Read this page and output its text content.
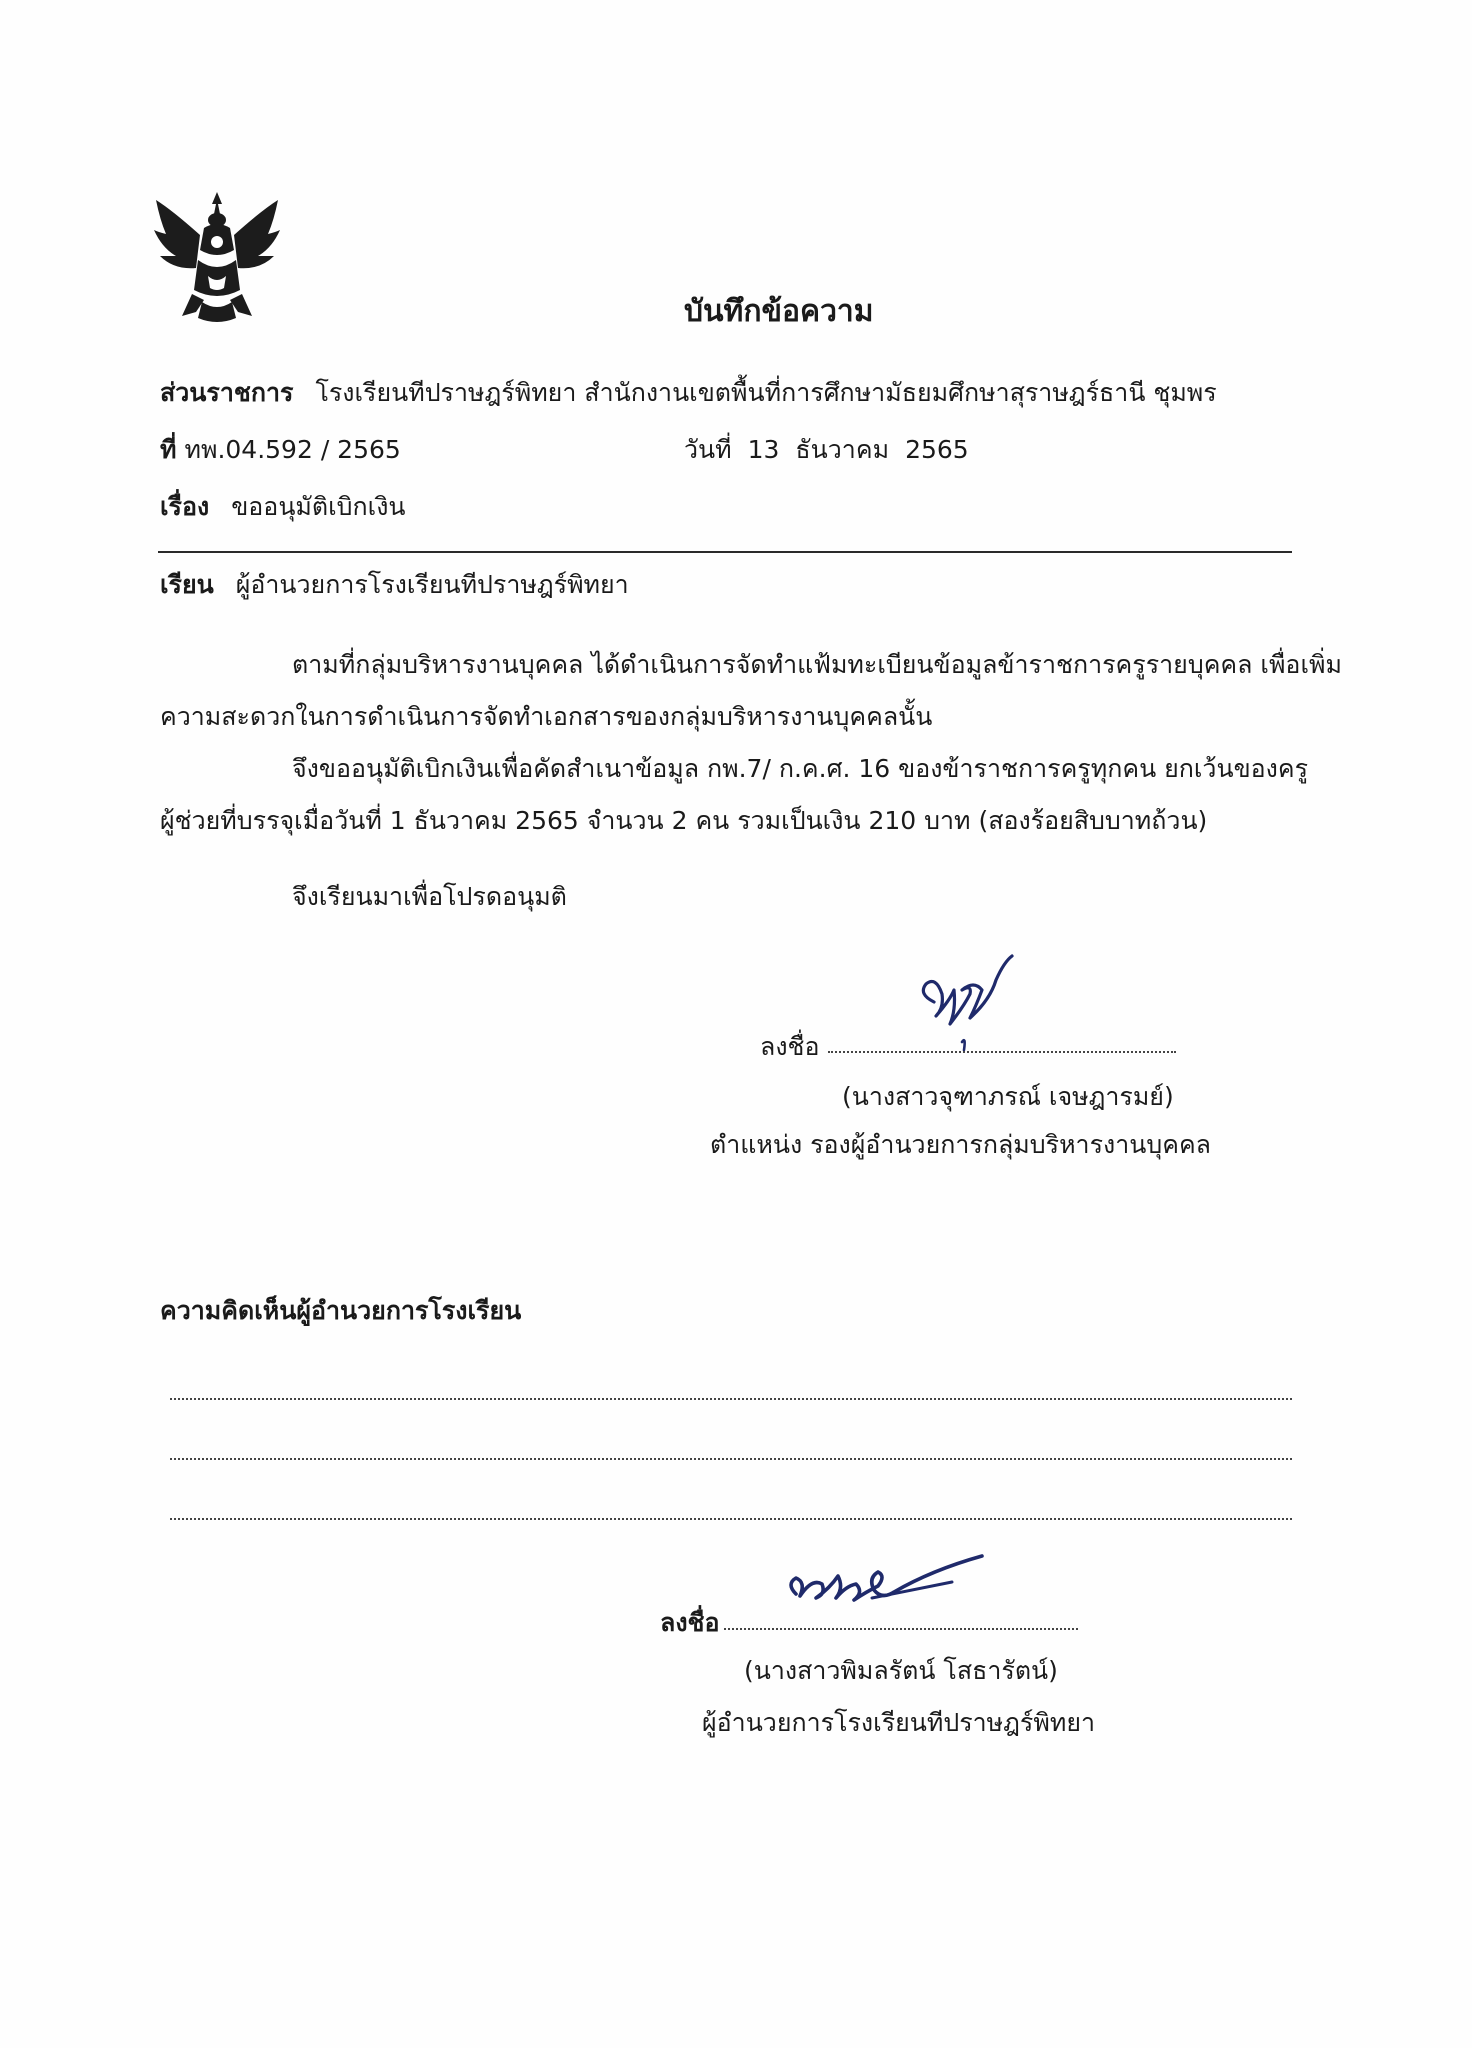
บันทึกข้อความ
ส่วนราชการ โรงเรียนทีปราษฎร์พิทยา สำนักงานเขตพื้นที่การศึกษามัธยมศึกษาสุราษฎร์ธานี ชุมพร
ที่ ทพ.04.592 / 2565	วันที่ 13 ธันวาคม 2565
เรื่อง ขออนุมัติเบิกเงิน
เรียน ผู้อำนวยการโรงเรียนทีปราษฎร์พิทยา
ตามที่กลุ่มบริหารงานบุคคล ได้ดำเนินการจัดทำแฟ้มทะเบียนข้อมูลข้าราชการครูรายบุคคล เพื่อเพิ่ม
ความสะดวกในการดำเนินการจัดทำเอกสารของกลุ่มบริหารงานบุคคลนั้น
จึงขออนุมัติเบิกเงินเพื่อคัดสำเนาข้อมูล กพ.7/ ก.ค.ศ. 16 ของข้าราชการครูทุกคน ยกเว้นของครู
ผู้ช่วยที่บรรจุเมื่อวันที่ 1 ธันวาคม 2565 จำนวน 2 คน รวมเป็นเงิน 210 บาท (สองร้อยสิบบาทถ้วน)
จึงเรียนมาเพื่อโปรดอนุมติ
ลงชื่อ
(นางสาวจุฑาภรณ์ เจษฎารมย์)
ตำแหน่ง รองผู้อำนวยการกลุ่มบริหารงานบุคคล
ความคิดเห็นผู้อำนวยการโรงเรียน
ลงชื่อ
(นางสาวพิมลรัตน์ โสธารัตน์)
ผู้อำนวยการโรงเรียนทีปราษฎร์พิทยา
